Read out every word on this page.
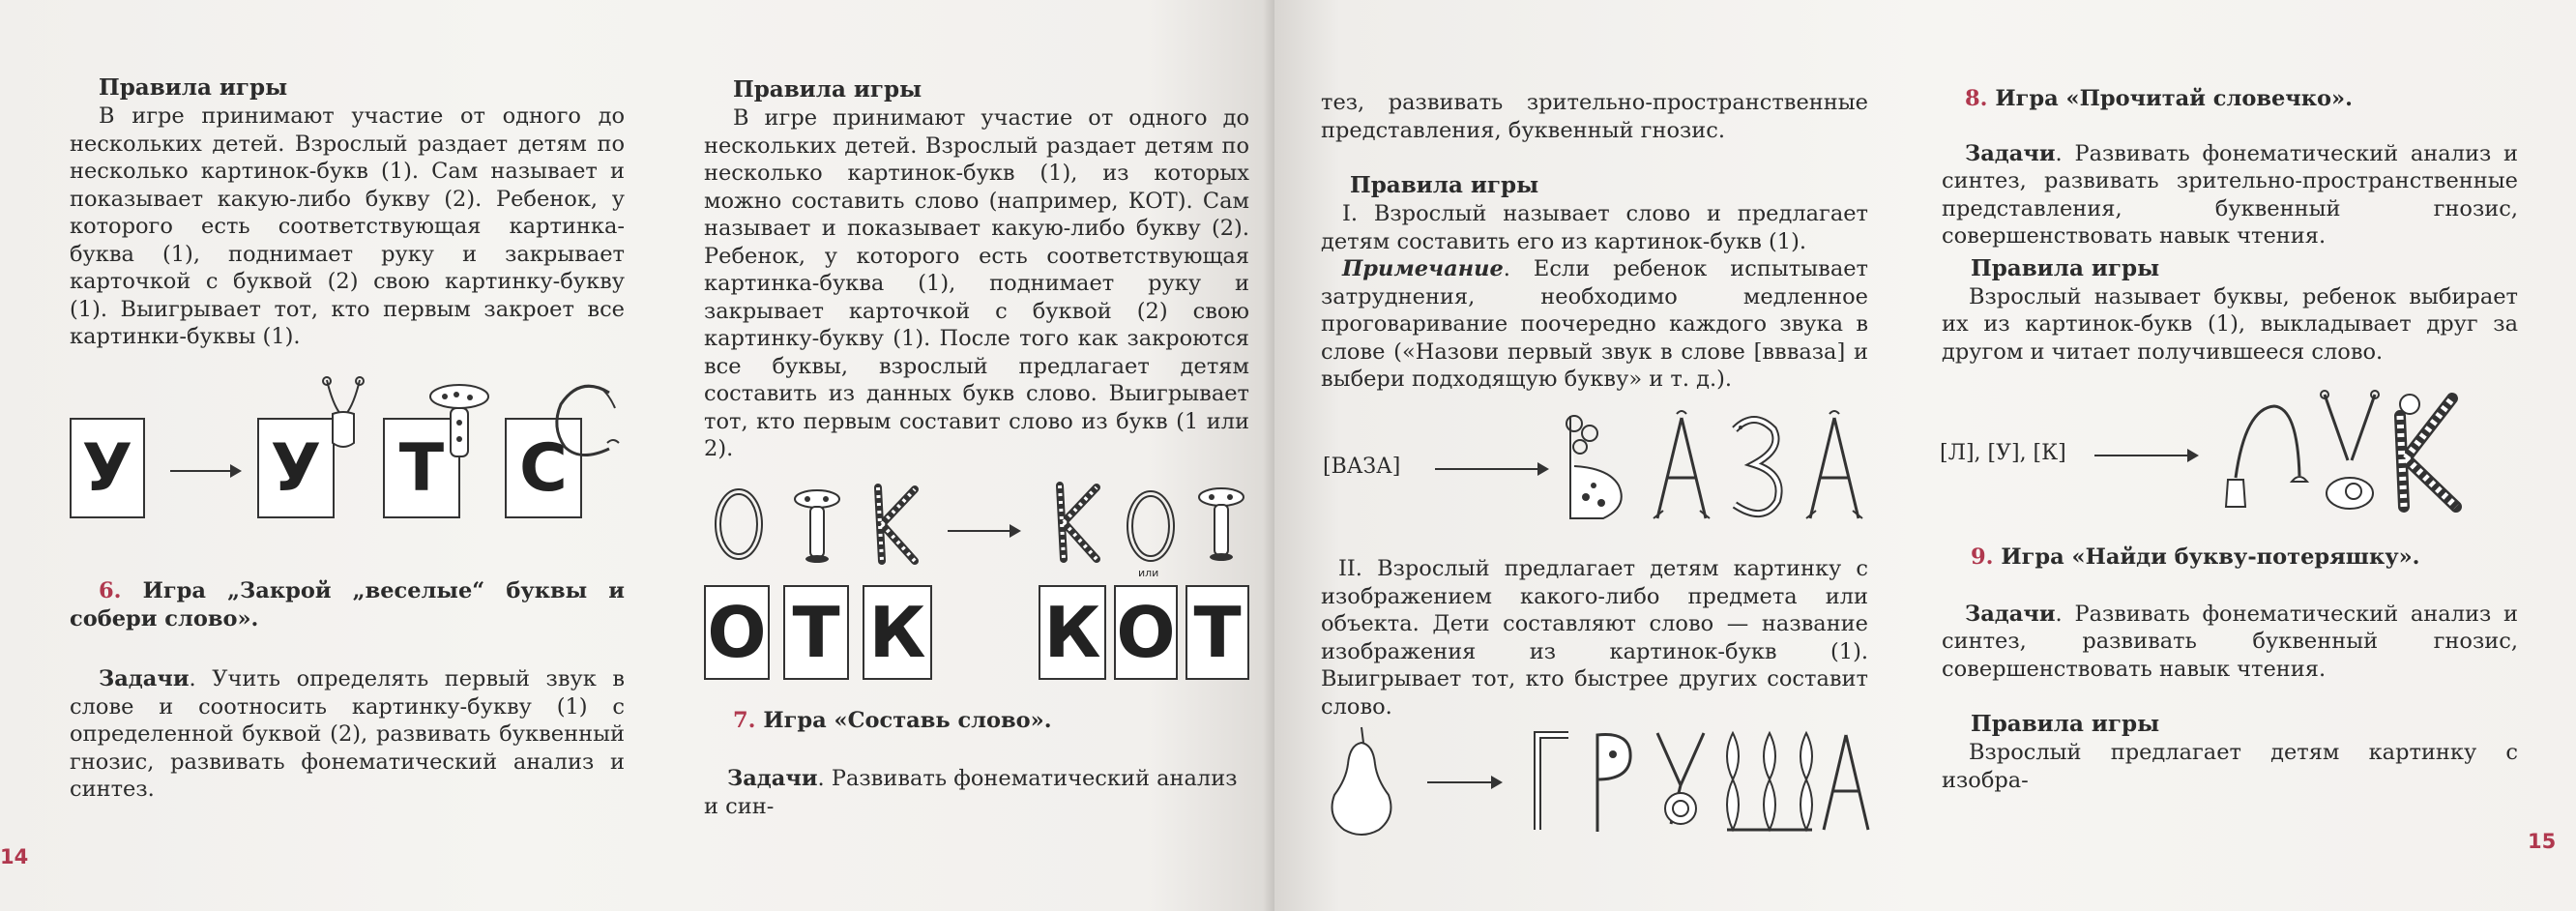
Правила игры

В игре принимают участие от одного до нескольких детей. Взрослый раздает детям по несколько картинок-букв (1). Сам называет и показывает какую-либо букву (2). Ребенок, у которого есть соответствующая картинка-буква (1), поднимает руку и закрывает карточкой с буквой (2) свою картинку-букву (1). Выигрывает тот, кто первым закроет все картинки-буквы (1).

У У Т С

6. Игра „Закрой „веселые“ буквы и собери слово».

Задачи. Учить определять первый звук в слове и соотносить картинку-букву (1) с определенной буквой (2), развивать буквенный гнозис, развивать фонематический анализ и синтез.

Правила игры

В игре принимают участие от одного до нескольких детей. Взрослый раздает детям по несколько картинок-букв (1), из которых можно составить слово (например, КОТ). Сам называет и показывает какую-либо букву (2). Ребенок, у которого есть соответствующая картинка-буква (1), поднимает руку и закрывает карточкой с буквой (2) свою картинку-букву (1). После того как закроются все буквы, взрослый предлагает детям составить из данных букв слово. Выигрывает тот, кто первым составит слово из букв (1 или 2).

или
О Т К К О Т

7. Игра «Составь слово».

Задачи. Развивать фонематический анализ и син-

14

тез, развивать зрительно-пространственные представления, буквенный гнозис.

Правила игры

I. Взрослый называет слово и предлагает детям составить его из картинок-букв (1).

Примечание. Если ребенок испытывает затруднения, необходимо медленное проговаривание поочередно каждого звука в слове («Назови первый звук в слове [вввaза] и выбери подходящую букву» и т. д.).

[ВАЗА]

II. Взрослый предлагает детям картинку с изображением какого-либо предмета или объекта. Дети составляют слово — название изображения из картинок-букв (1). Выигрывает тот, кто быстрее других составит слово.

8. Игра «Прочитай словечко».

Задачи. Развивать фонематический анализ и синтез, развивать зрительно-пространственные представления, буквенный гнозис, совершенствовать навык чтения.

Правила игры

Взрослый называет буквы, ребенок выбирает их из картинок-букв (1), выкладывает друг за другом и читает получившееся слово.

[Л], [У], [К]

9. Игра «Найди букву-потеряшку».

Задачи. Развивать фонематический анализ и синтез, развивать буквенный гнозис, совершенствовать навык чтения.

Правила игры

Взрослый предлагает детям картинку с изобра-

15
